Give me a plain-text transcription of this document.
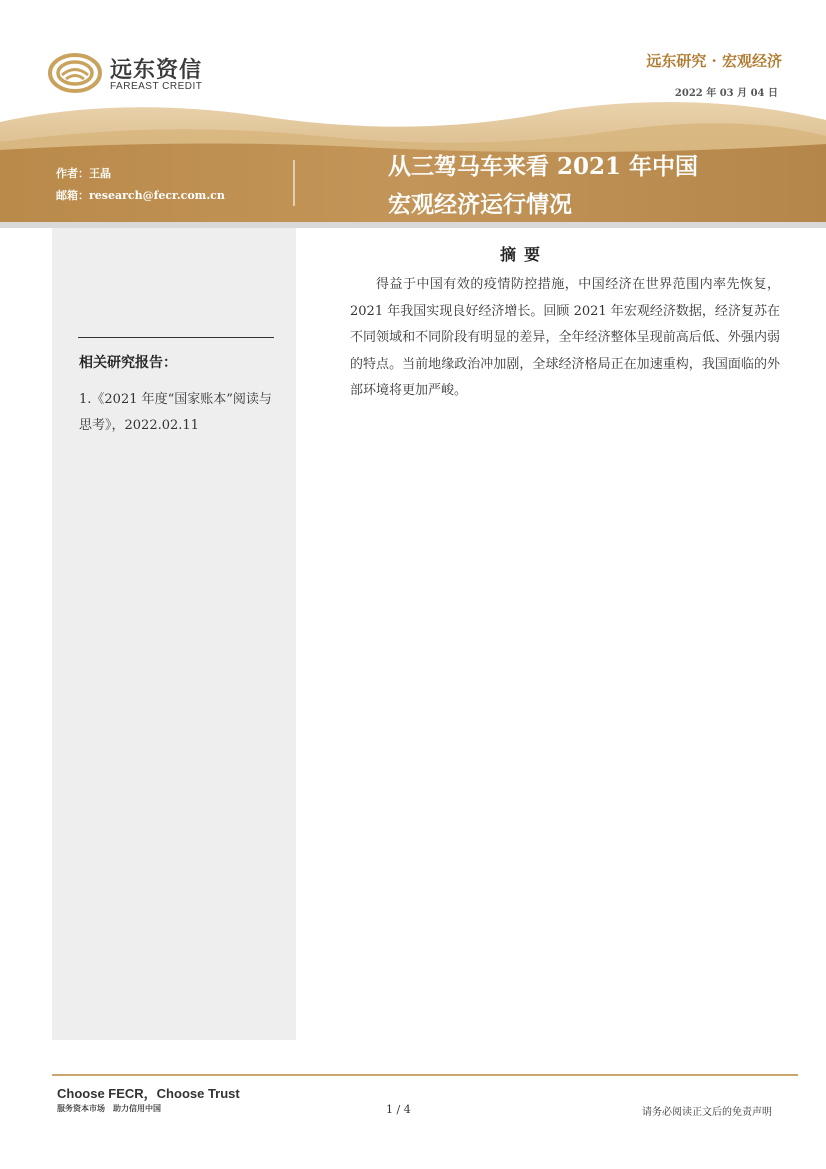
远东资信
FAREAST CREDIT
远东研究 · 宏观经济
2022 年 03 月 04 日
作者：王晶
邮箱：research@fecr.com.cn
从三驾马车来看 2021 年中国
宏观经济运行情况
相关研究报告：
1.《2021 年度“国家账本”阅读与思考》，2022.02.11
摘要
得益于中国有效的疫情防控措施，中国经济在世界范围内率先恢复，2021 年我国实现良好经济增长。回顾 2021 年宏观经济数据，经济复苏在不同领域和不同阶段有明显的差异，全年经济整体呈现前高后低、外强内弱的特点。当前地缘政治冲加剧，全球经济格局正在加速重构，我国面临的外部环境将更加严峻。
Choose FECR，Choose Trust
服务资本市场　助力信用中国	1 / 4	请务必阅读正文后的免责声明
